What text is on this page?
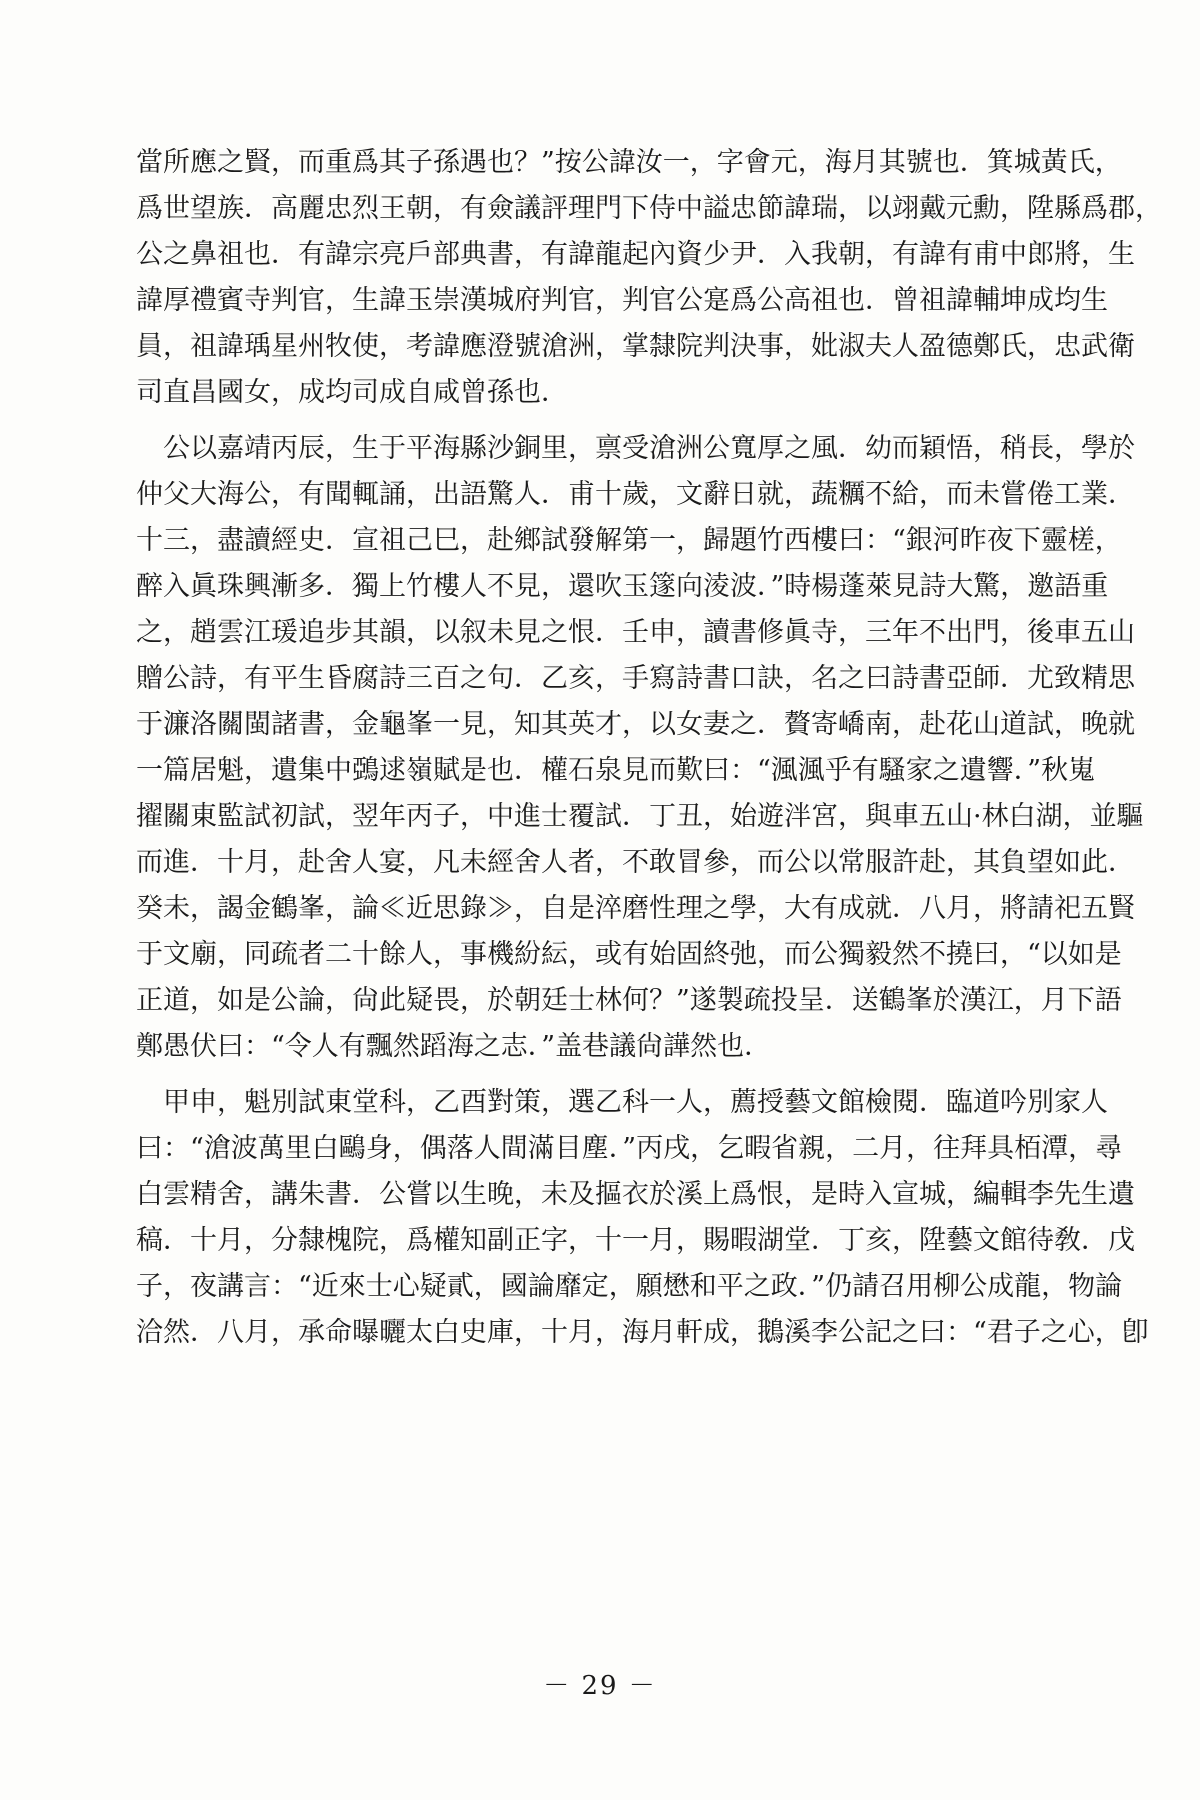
當所應之賢，而重爲其子孫遇也？”按公諱汝一，字會元，海月其號也．箕城黃氏，
爲世望族．高麗忠烈王朝，有僉議評理門下侍中謚忠節諱瑞，以翊戴元勳，陞縣爲郡，
公之鼻祖也．有諱宗亮戶部典書，有諱龍起內資少尹．入我朝，有諱有甫中郎將，生
諱厚禮賓寺判官，生諱玉崇漢城府判官，判官公寔爲公高祖也．曾祖諱輔坤成均生
員，祖諱瑀星州牧使，考諱應澄號滄洲，掌隸院判決事，妣淑夫人盈德鄭氏，忠武衛
司直昌國女，成均司成自咸曾孫也．
公以嘉靖丙辰，生于平海縣沙銅里，禀受滄洲公寬厚之風．幼而穎悟，稍長，學於
仲父大海公，有聞輒誦，出語驚人．甫十歲，文辭日就，蔬糲不給，而未嘗倦工業．
十三，盡讀經史．宣祖己巳，赴鄉試發解第一，歸題竹西樓曰：“銀河昨夜下靈槎，
醉入眞珠興漸多．獨上竹樓人不見，還吹玉篴向淩波．”時楊蓬萊見詩大驚，邀語重
之，趙雲江瑗追步其韻，以叙未見之恨．壬申，讀書修眞寺，三年不出門，後車五山
贈公詩，有平生昏腐詩三百之句．乙亥，手寫詩書口訣，名之曰詩書亞師．尤致精思
于濂洛關閩諸書，金龜峯一見，知其英才，以女妻之．贅寄嶠南，赴花山道試，晚就
一篇居魁，遺集中鵶逑嶺賦是也．權石泉見而歎曰：“渢渢乎有騷家之遺響．”秋嵬
擢關東監試初試，翌年丙子，中進士覆試．丁丑，始遊泮宮，與車五山·林白湖，並驅
而進．十月，赴舍人宴，凡未經舍人者，不敢冒參，而公以常服許赴，其負望如此．
癸未，謁金鶴峯，論≪近思錄≫，自是淬磨性理之學，大有成就．八月，將請祀五賢
于文廟，同疏者二十餘人，事機紛紜，或有始固終弛，而公獨毅然不撓曰，“以如是
正道，如是公論，尙此疑畏，於朝廷士林何？”遂製疏投呈．送鶴峯於漢江，月下語
鄭愚伏曰：“令人有飄然蹈海之志．”盖巷議尙譁然也．
甲申，魁別試東堂科，乙酉對策，選乙科一人，薦授藝文館檢閱．臨道吟別家人
曰：“滄波萬里白鷗身，偶落人間滿目塵．”丙戌，乞暇省親，二月，往拜具栢潭，尋
白雲精舍，講朱書．公嘗以生晚，未及摳衣於溪上爲恨，是時入宣城，編輯李先生遺
稿．十月，分隸槐院，爲權知副正字，十一月，賜暇湖堂．丁亥，陞藝文館待敎．戊
子，夜講言：“近來士心疑貳，國論靡定，願懋和平之政．”仍請召用柳公成龍，物論
洽然．八月，承命曝曬太白史庫，十月，海月軒成，鵝溪李公記之曰：“君子之心，卽
－ 29 －
